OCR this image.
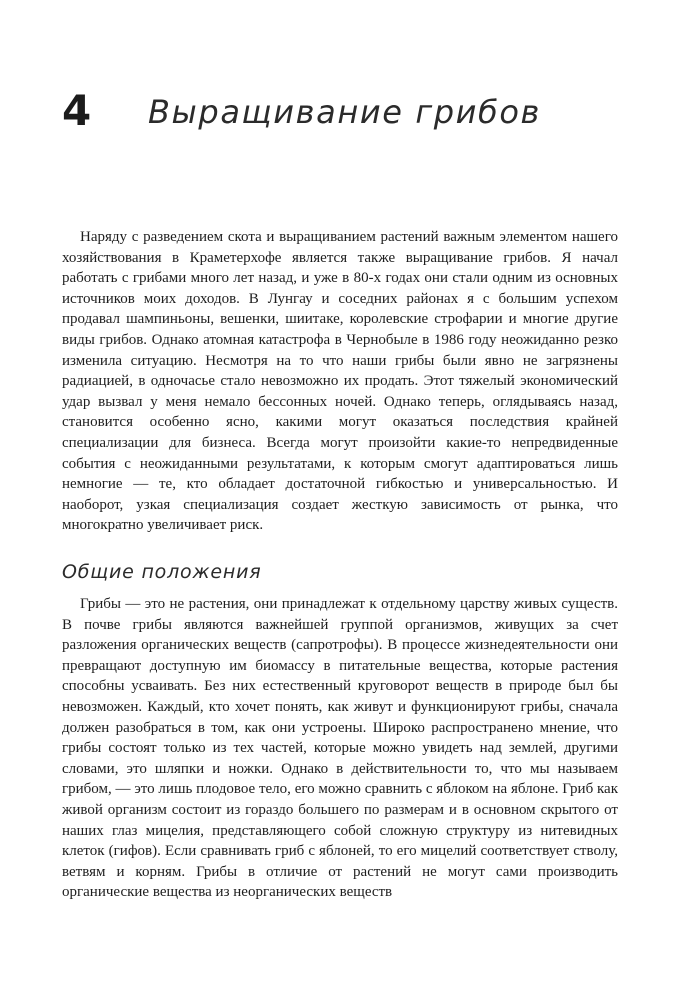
4 Выращивание грибов

Наряду с разведением скота и выращиванием растений важным элементом нашего хозяйствования в Краметерхофе является также выращивание грибов. Я начал работать с грибами много лет назад, и уже в 80-х годах они стали одним из основных источников моих доходов. В Лунгау и соседних районах я с большим успехом продавал шампиньоны, вешенки, шиитаке, королевские строфарии и многие другие виды грибов. Однако атомная катастрофа в Чернобыле в 1986 году неожиданно резко изменила ситуацию. Несмотря на то что наши грибы были явно не загрязнены радиацией, в одночасье стало невозможно их продать. Этот тяжелый экономический удар вызвал у меня немало бессонных ночей. Однако теперь, оглядываясь назад, становится особенно ясно, какими могут оказаться последствия крайней специализации для бизнеса. Всегда могут произойти какие-то непредвиденные события с неожиданными результатами, к которым смогут адаптироваться лишь немногие — те, кто обладает достаточной гибкостью и универсальностью. И наоборот, узкая специализация создает жесткую зависимость от рынка, что многократно увеличивает риск.

Общие положения

Грибы — это не растения, они принадлежат к отдельному царству живых существ. В почве грибы являются важнейшей группой организмов, живущих за счет разложения органических веществ (сапротрофы). В процессе жизнедеятельности они превращают доступную им биомассу в питательные вещества, которые растения способны усваивать. Без них естественный круговорот веществ в природе был бы невозможен. Каждый, кто хочет понять, как живут и функционируют грибы, сначала должен разобраться в том, как они устроены. Широко распространено мнение, что грибы состоят только из тех частей, которые можно увидеть над землей, другими словами, это шляпки и ножки. Однако в действительности то, что мы называем грибом, — это лишь плодовое тело, его можно сравнить с яблоком на яблоне. Гриб как живой организм состоит из гораздо большего по размерам и в основном скрытого от наших глаз мицелия, представляющего собой сложную структуру из нитевидных клеток (гифов). Если сравнивать гриб с яблоней, то его мицелий соответствует стволу, ветвям и корням. Грибы в отличие от растений не могут сами производить органические вещества из неорганических веществ
